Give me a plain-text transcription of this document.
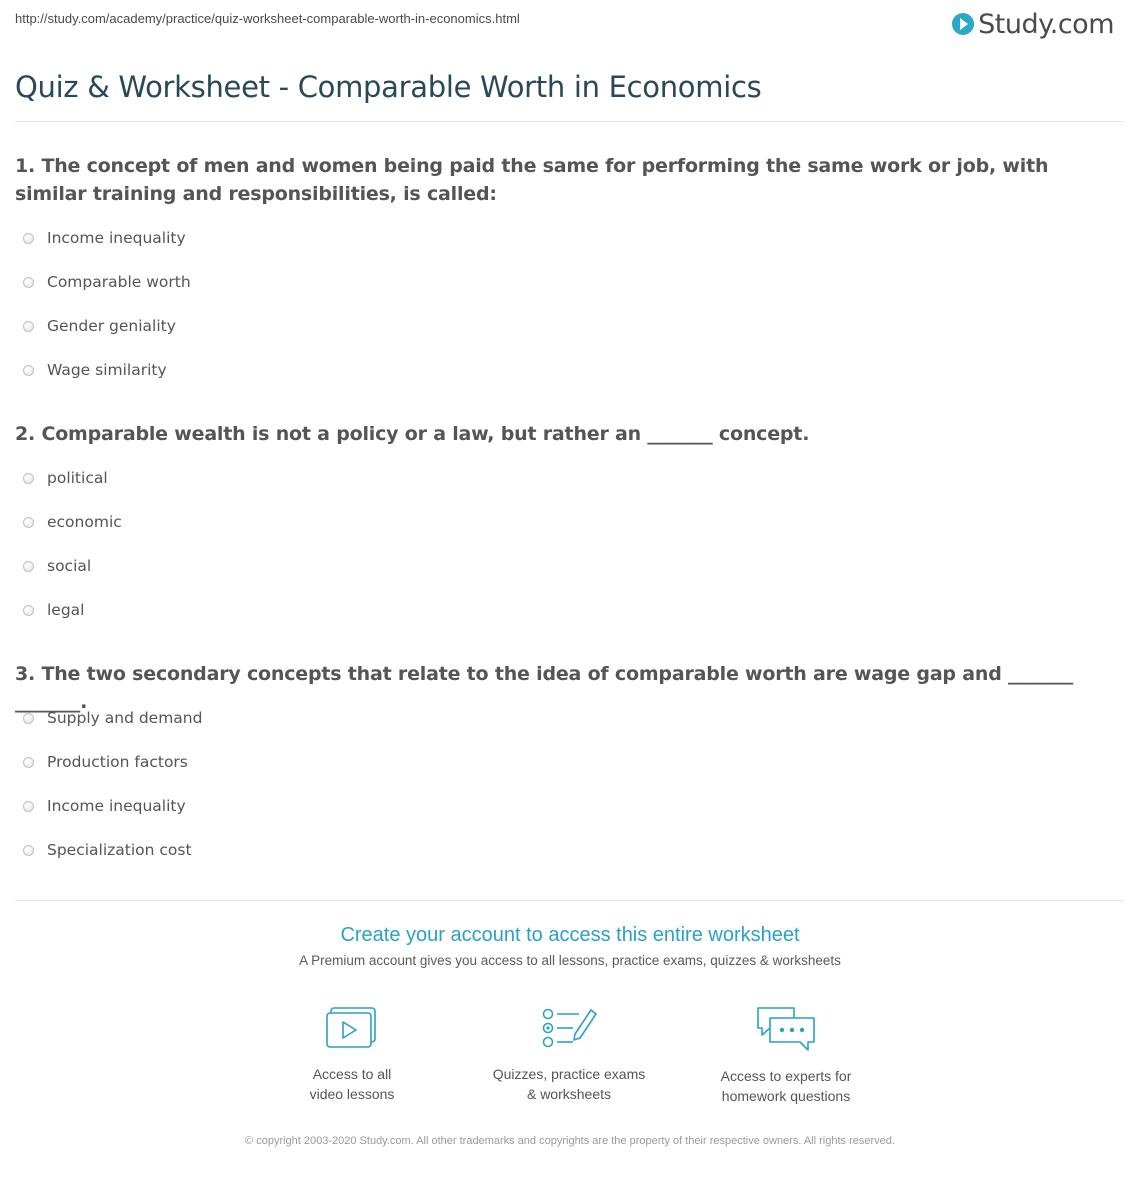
http://study.com/academy/practice/quiz-worksheet-comparable-worth-in-economics.html	Study.com
Quiz & Worksheet - Comparable Worth in Economics
1. The concept of men and women being paid the same for performing the same work or job, with similar training and responsibilities, is called:
Income inequality
Comparable worth
Gender geniality
Wage similarity
2. Comparable wealth is not a policy or a law, but rather an _______ concept.
political
economic
social
legal
3. The two secondary concepts that relate to the idea of comparable worth are wage gap and _______ _______.
Supply and demand
Production factors
Income inequality
Specialization cost
Create your account to access this entire worksheet
A Premium account gives you access to all lessons, practice exams, quizzes & worksheets
Access to all
video lessons
Quizzes, practice exams
& worksheets
Access to experts for
homework questions
© copyright 2003-2020 Study.com. All other trademarks and copyrights are the property of their respective owners. All rights reserved.
